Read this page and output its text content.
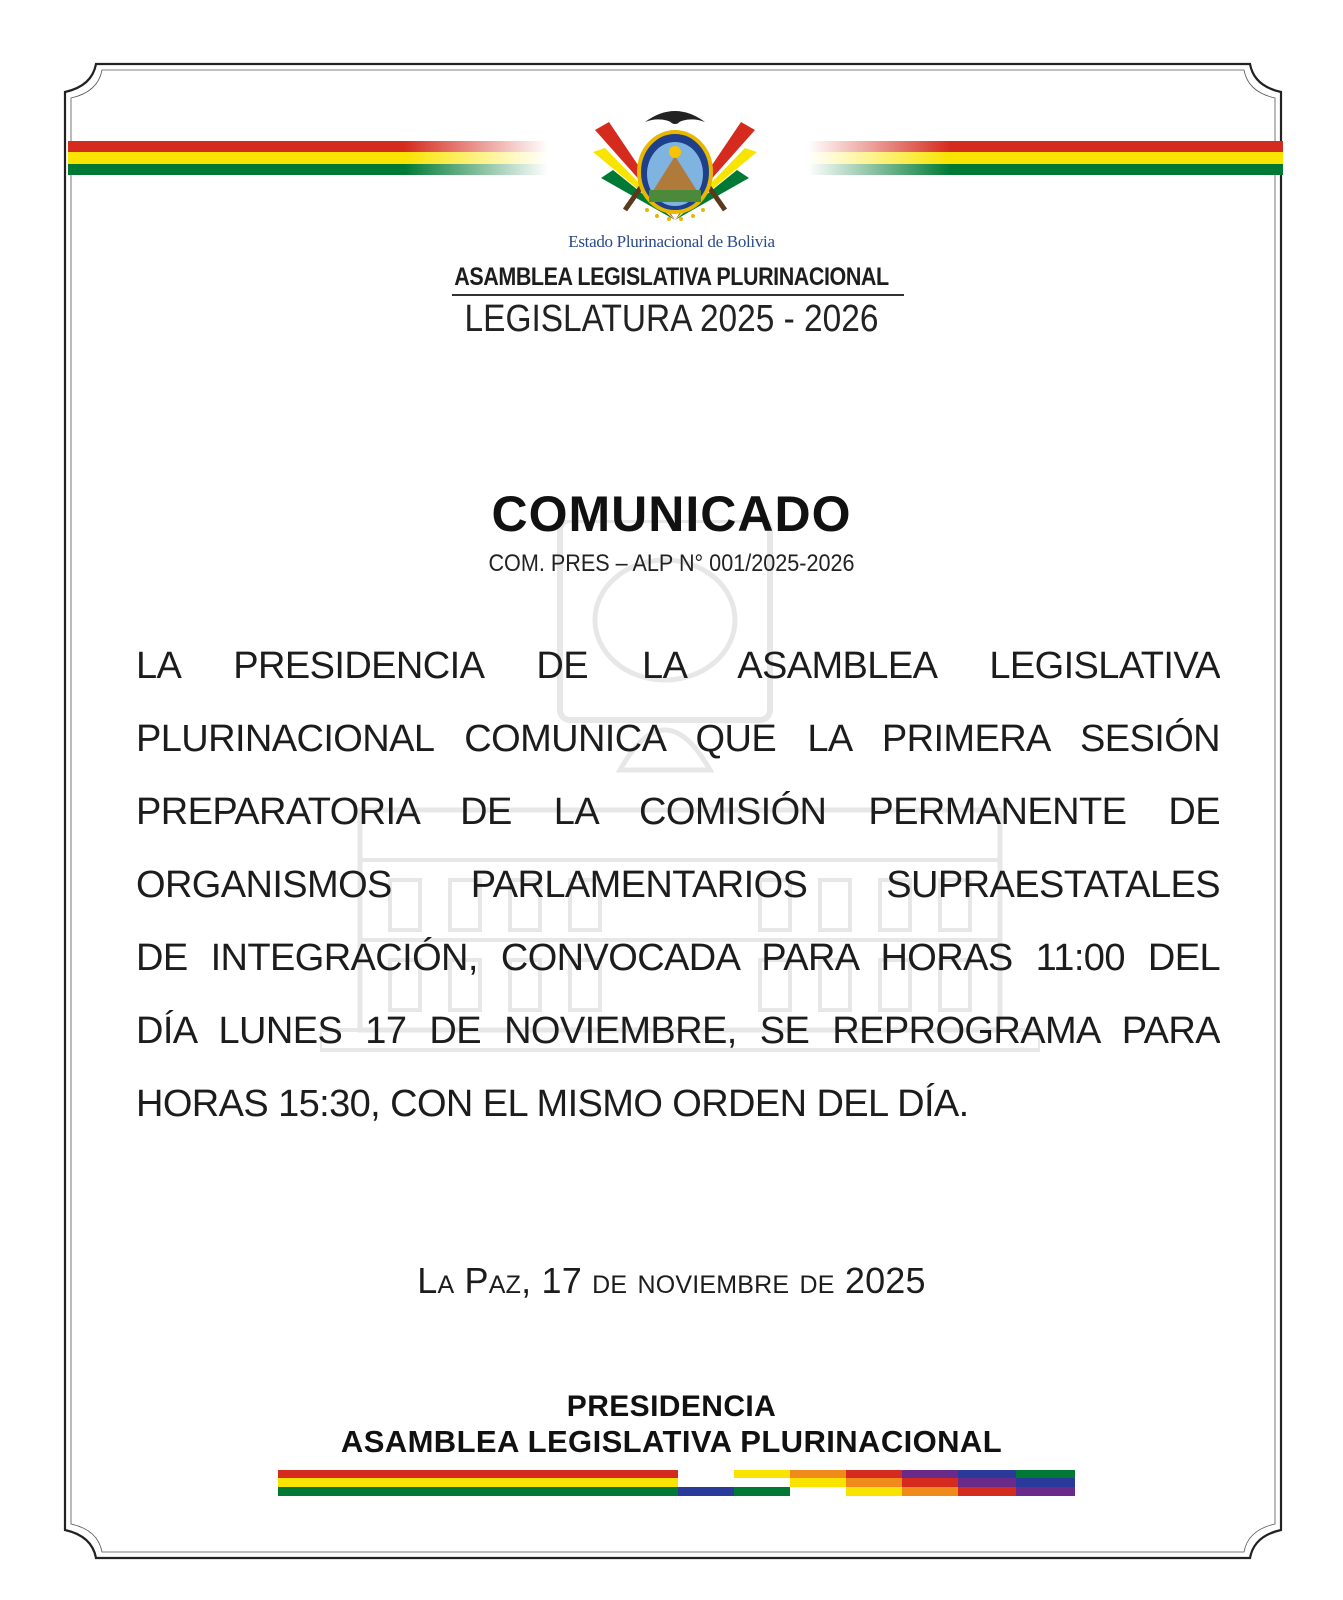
Estado Plurinacional de Bolivia
ASAMBLEA LEGISLATIVA PLURINACIONAL
LEGISLATURA 2025 - 2026
COMUNICADO
COM. PRES – ALP N° 001/2025-2026
LA PRESIDENCIA DE LA ASAMBLEA LEGISLATIVA
PLURINACIONAL COMUNICA QUE LA PRIMERA SESIÓN
PREPARATORIA DE LA COMISIÓN PERMANENTE DE
ORGANISMOS PARLAMENTARIOS SUPRAESTATALES
DE INTEGRACIÓN, CONVOCADA PARA HORAS 11:00 DEL
DÍA LUNES 17 DE NOVIEMBRE, SE REPROGRAMA PARA
HORAS 15:30, CON EL MISMO ORDEN DEL DÍA.
La Paz, 17 de noviembre de 2025
PRESIDENCIA
ASAMBLEA LEGISLATIVA PLURINACIONAL
